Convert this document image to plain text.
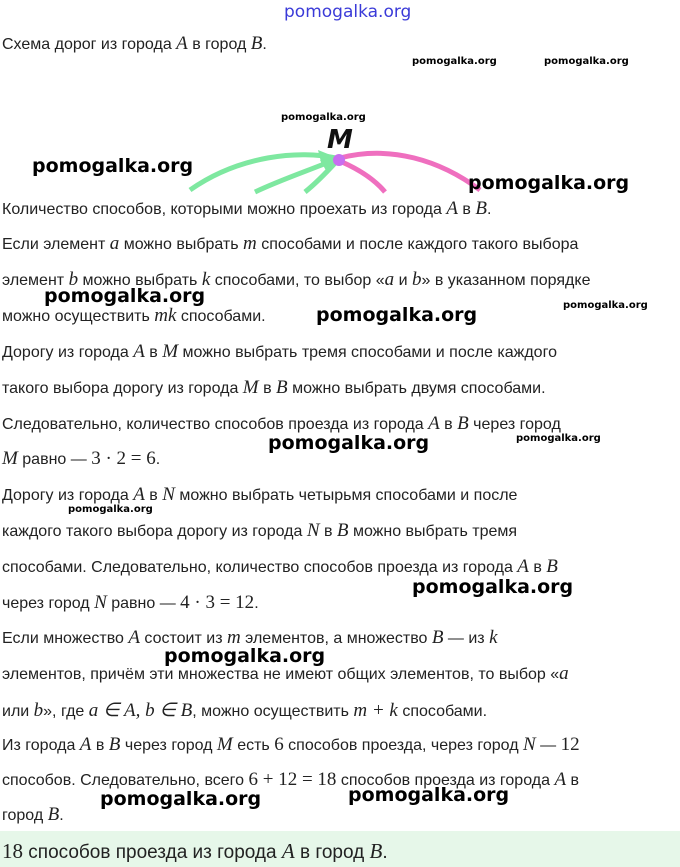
pomogalka.org
Схема дорог из города A в город B.
pomogalka.org	pomogalka.org
pomogalka.org
M
pomogalka.org
pomogalka.org
Количество способов, которыми можно проехать из города A в B.
Если элемент a можно выбрать m способами и после каждого такого выбора
элемент b можно выбрать k способами, то выбор «a и b» в указанном порядке
pomogalka.org	pomogalka.org
можно осуществить mk способами.	pomogalka.org
Дорогу из города A в M можно выбрать тремя способами и после каждого
такого выбора дорогу из города M в B можно выбрать двумя способами.
Следовательно, количество способов проезда из города A в B через город
pomogalka.org	pomogalka.org
M равно — 3 · 2 = 6.
Дорогу из города A в N можно выбрать четырьмя способами и после
pomogalka.org
каждого такого выбора дорогу из города N в B можно выбрать тремя
способами. Следовательно, количество способов проезда из города A в B
pomogalka.org
через город N равно — 4 · 3 = 12.
Если множество A состоит из m элементов, а множество B — из k
pomogalka.org
элементов, причём эти множества не имеют общих элементов, то выбор «a
или b», где a ∈ A, b ∈ B, можно осуществить m + k способами.
Из города A в B через город M есть 6 способов проезда, через город N — 12
способов. Следовательно, всего 6 + 12 = 18 способов проезда из города A в
pomogalka.org
pomogalka.org
город B.
18 способов проезда из города A в город B.
